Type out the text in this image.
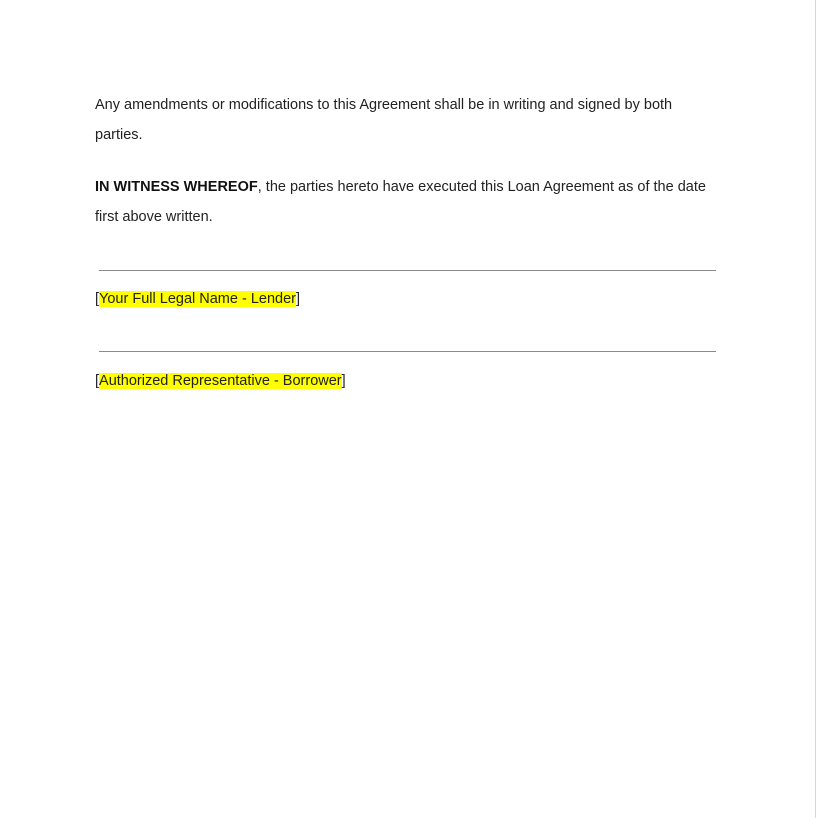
Any amendments or modifications to this Agreement shall be in writing and signed by both parties.

IN WITNESS WHEREOF, the parties hereto have executed this Loan Agreement as of the date first above written.

[Your Full Legal Name - Lender]
[Authorized Representative - Borrower]
